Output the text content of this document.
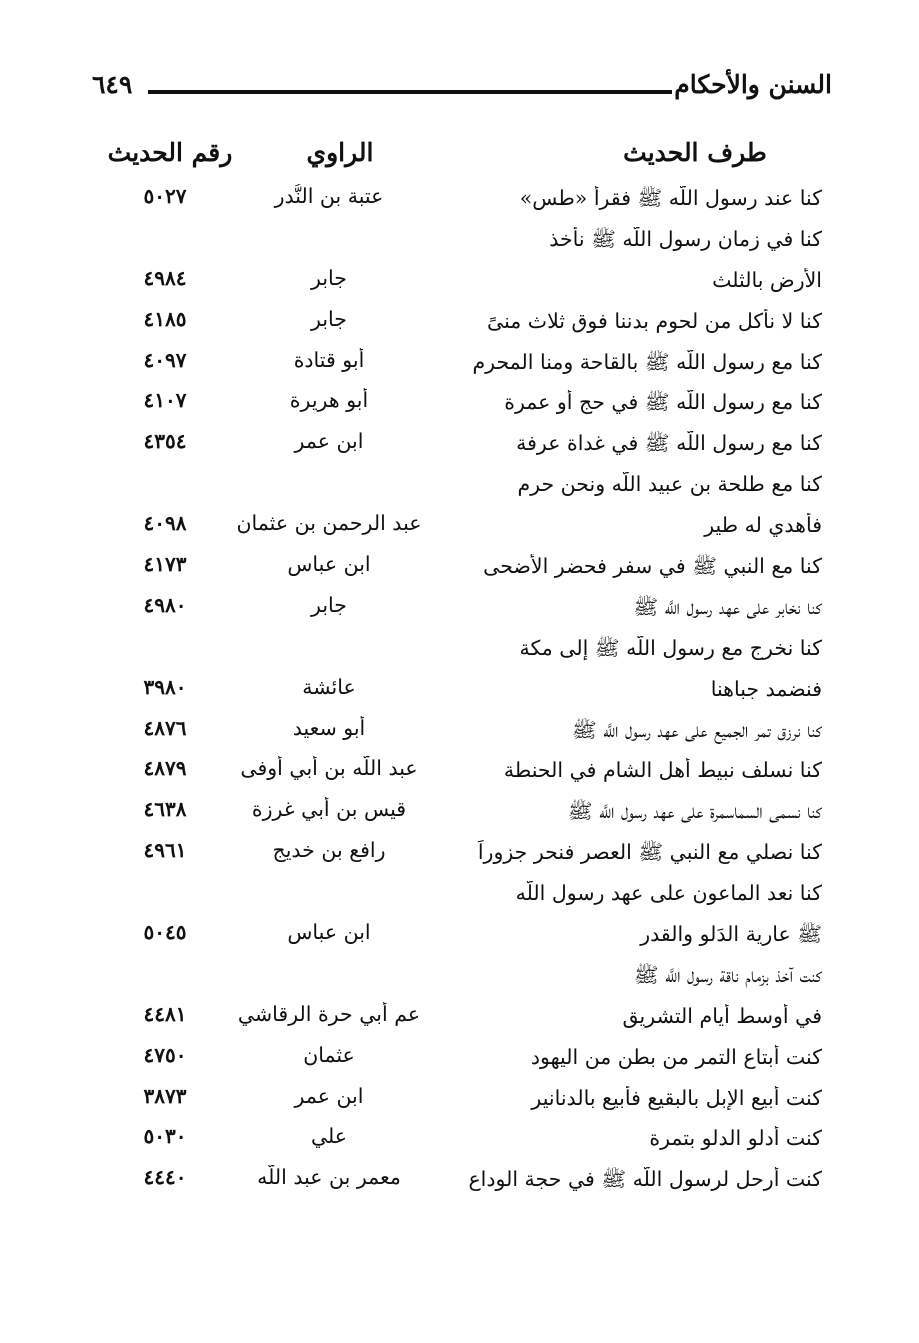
السنن والأحكام
٦٤٩
طرف الحديث
الراوي
رقم الحديث
كنا عند رسول اللَّه ﷺ فقرأ «طس»
عتبة بن النُّدر
٥٠٢٧
كنا في زمان رسول اللَّه ﷺ نأخذ
الأرض بالثلث
جابر
٤٩٨٤
كنا لا نأكل من لحوم بدننا فوق ثلاث منىً
جابر
٤١٨٥
كنا مع رسول اللَّه ﷺ بالقاحة ومنا المحرم
أبو قتادة
٤٠٩٧
كنا مع رسول اللَّه ﷺ في حج أو عمرة
أبو هريرة
٤١٠٧
كنا مع رسول اللَّه ﷺ في غداة عرفة
ابن عمر
٤٣٥٤
كنا مع طلحة بن عبيد اللَّه ونحن حرم
فأهدي له طير
عبد الرحمن بن عثمان
٤٠٩٨
كنا مع النبي ﷺ في سفر فحضر الأضحى
ابن عباس
٤١٧٣
كنا نخابر على عهد رسول اللَّه ﷺ
جابر
٤٩٨٠
كنا نخرج مع رسول اللَّه ﷺ إلى مكة
فنضمد جباهنا
عائشة
٣٩٨٠
كنا نرزق تمر الجميع على عهد رسول اللَّه ﷺ
أبو سعيد
٤٨٧٦
كنا نسلف نبيط أهل الشام في الحنطة
عبد اللَّه بن أبي أوفى
٤٨٧٩
كنا نسمى السماسمرة على عهد رسول اللَّه ﷺ
قيس بن أبي غرزة
٤٦٣٨
كنا نصلي مع النبي ﷺ العصر فنحر جزوراً
رافع بن خديج
٤٩٦١
كنا نعد الماعون على عهد رسول اللَّه
ﷺ عارية الدَلو والقدر
ابن عباس
٥٠٤٥
كنت آخذ بزمام ناقة رسول اللَّه ﷺ
في أوسط أيام التشريق
عم أبي حرة الرقاشي
٤٤٨١
كنت أبتاع التمر من بطن من اليهود
عثمان
٤٧٥٠
كنت أبيع الإبل بالبقيع فأبيع بالدنانير
ابن عمر
٣٨٧٣
كنت أدلو الدلو بتمرة
علي
٥٠٣٠
كنت أرحل لرسول اللَّه ﷺ في حجة الوداع
معمر بن عبد اللَّه
٤٤٤٠
